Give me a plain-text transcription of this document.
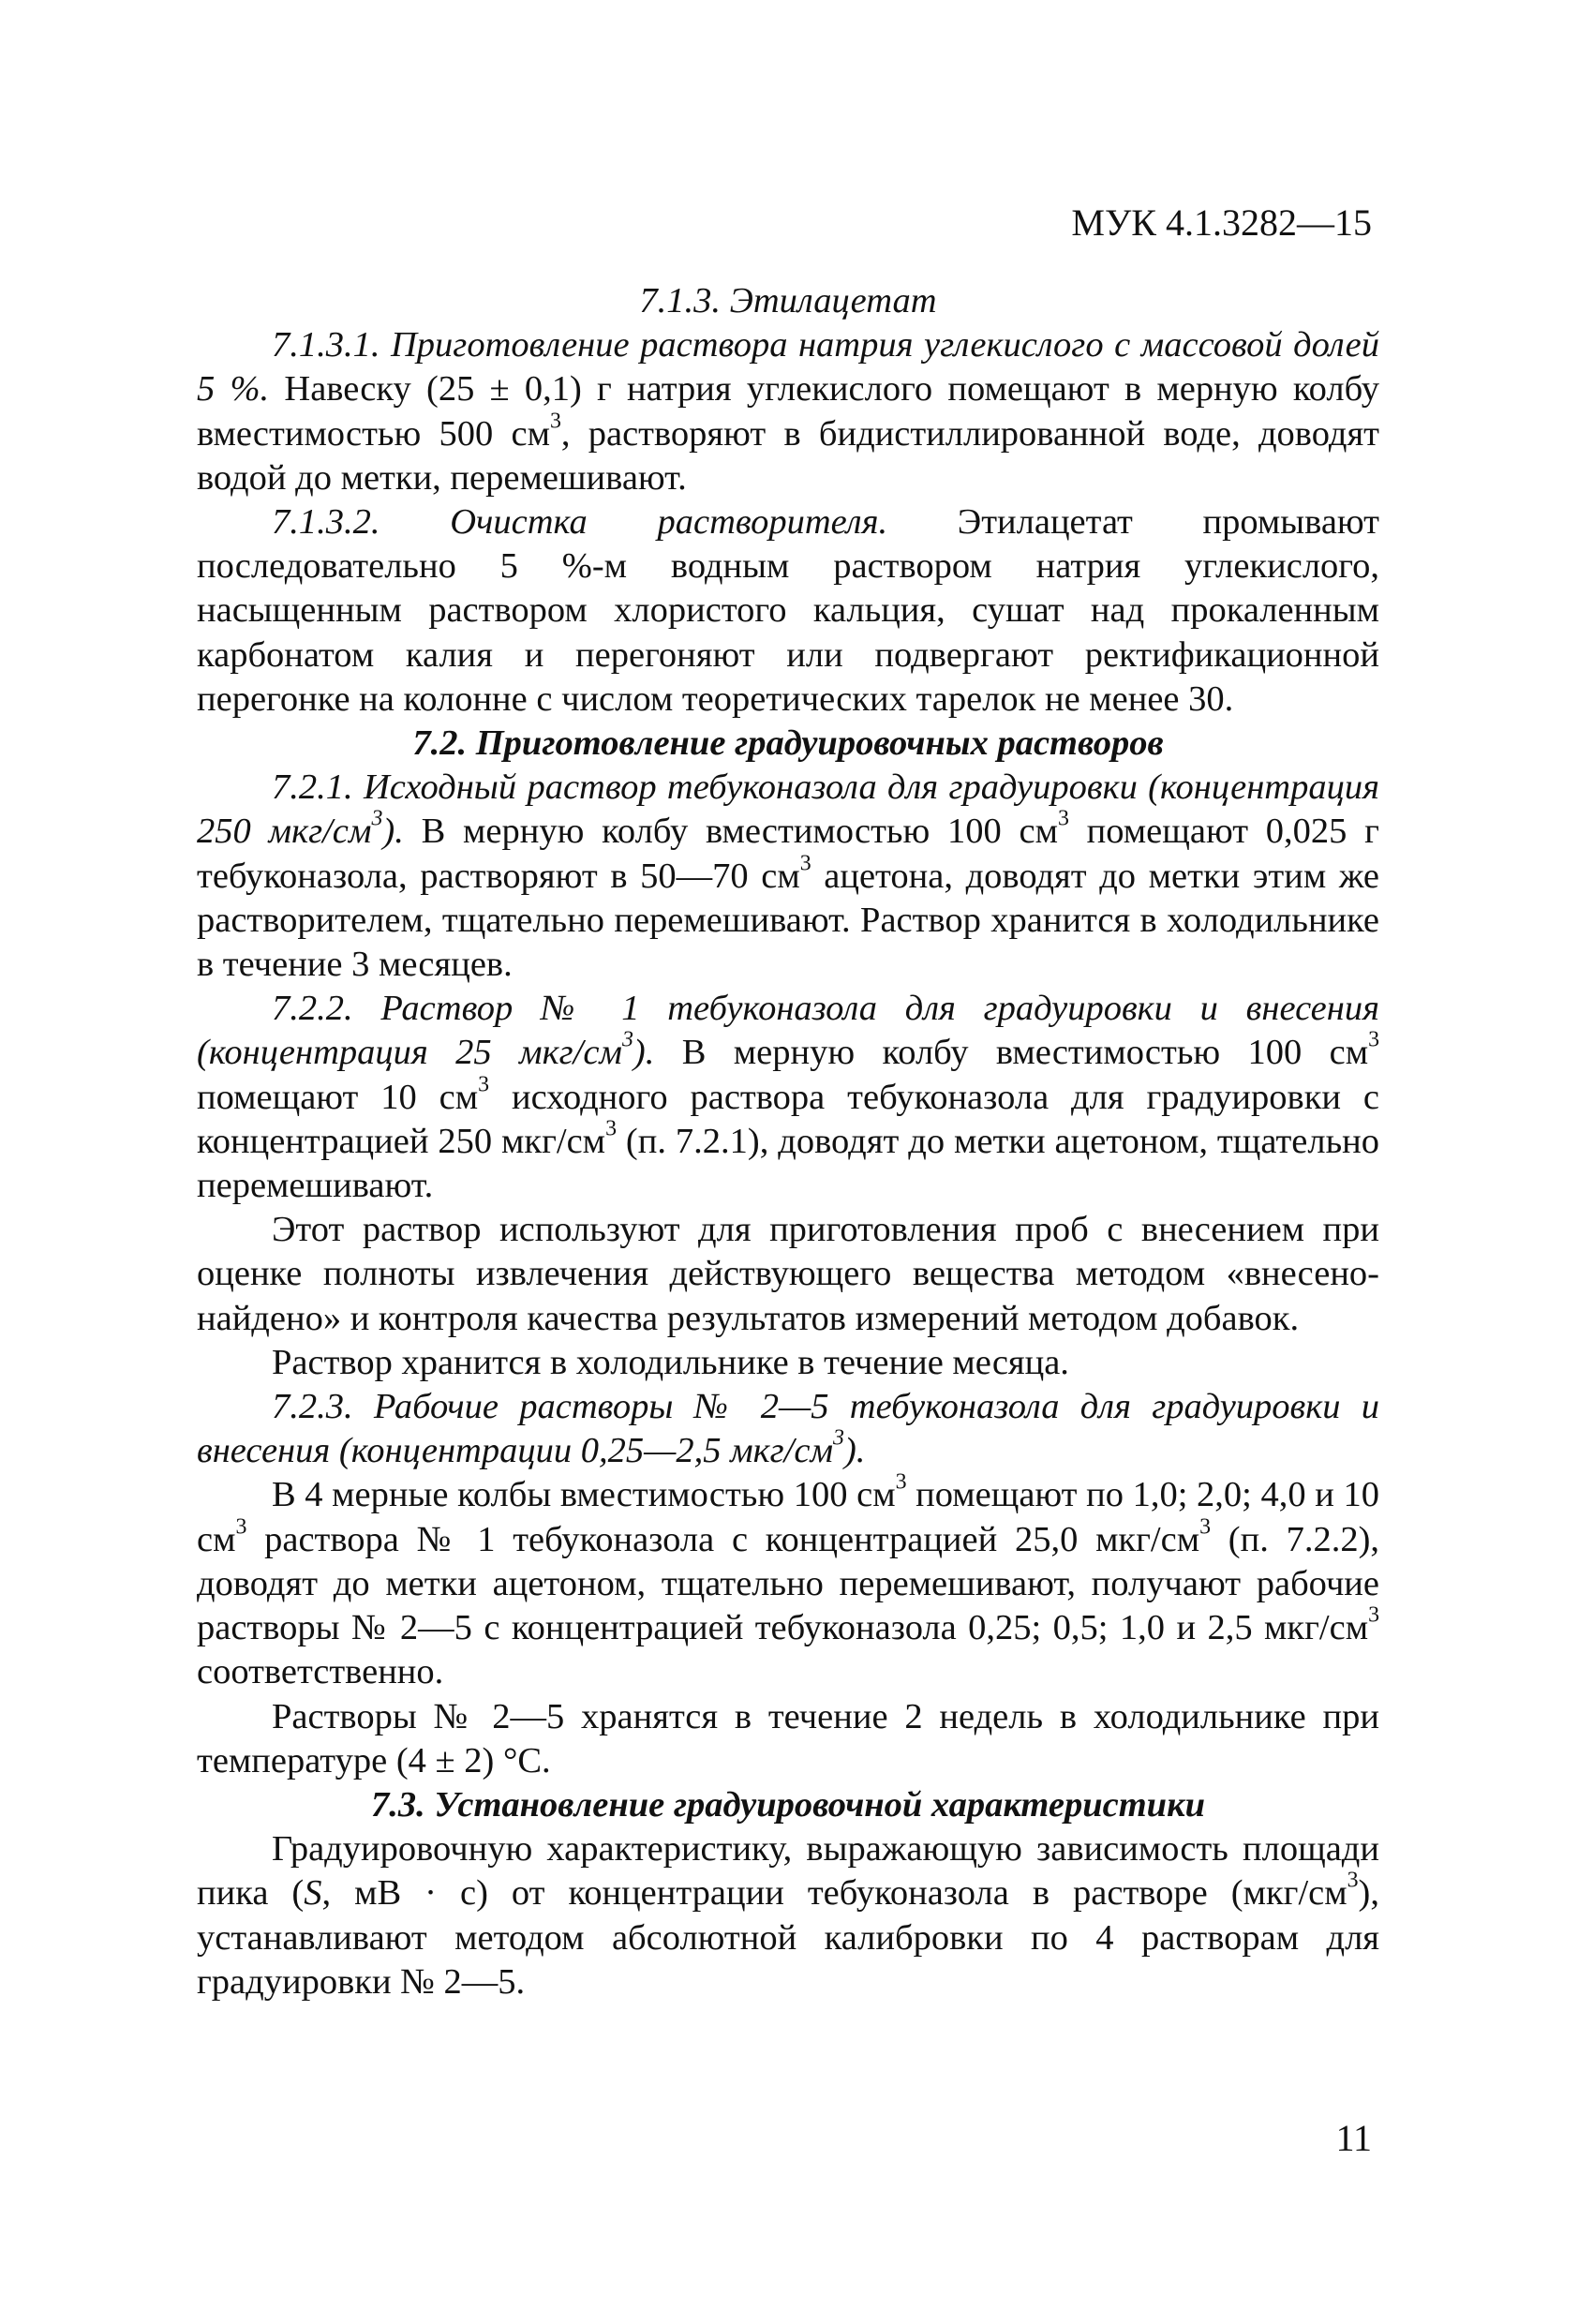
МУК 4.1.3282—15

7.1.3. Этилацетат

7.1.3.1. Приготовление раствора натрия углекислого с массовой долей 5 %. Навеску (25 ± 0,1) г натрия углекислого помещают в мерную колбу вместимостью 500 $см^3$, растворяют в бидистиллированной воде, доводят водой до метки, перемешивают.

7.1.3.2. Очистка растворителя. Этилацетат промывают последовательно 5 %-м водным раствором натрия углекислого, насыщенным раствором хлористого кальция, сушат над прокаленным карбонатом калия и перегоняют или подвергают ректификационной перегонке на колонне с числом теоретических тарелок не менее 30.

7.2. Приготовление градуировочных растворов

7.2.1. Исходный раствор тебуконазола для градуировки (концентрация 250 мкг/$см^3$). В мерную колбу вместимостью 100 $см^3$ помещают 0,025 г тебуконазола, растворяют в 50—70 $см^3$ ацетона, доводят до метки этим же растворителем, тщательно перемешивают. Раствор хранится в холодильнике в течение 3 месяцев.

7.2.2. Раствор № 1 тебуконазола для градуировки и внесения (концентрация 25 мкг/$см^3$). В мерную колбу вместимостью 100 $см^3$ помещают 10 $см^3$ исходного раствора тебуконазола для градуировки с концентрацией 250 мкг/$см^3$ (п. 7.2.1), доводят до метки ацетоном, тщательно перемешивают.

Этот раствор используют для приготовления проб с внесением при оценке полноты извлечения действующего вещества методом «внесено-найдено» и контроля качества результатов измерений методом добавок.

Раствор хранится в холодильнике в течение месяца.

7.2.3. Рабочие растворы № 2—5 тебуконазола для градуировки и внесения (концентрации 0,25—2,5 мкг/$см^3$).

В 4 мерные колбы вместимостью 100 $см^3$ помещают по 1,0; 2,0; 4,0 и 10 $см^3$ раствора № 1 тебуконазола с концентрацией 25,0 мкг/$см^3$ (п. 7.2.2), доводят до метки ацетоном, тщательно перемешивают, получают рабочие растворы № 2—5 с концентрацией тебуконазола 0,25; 0,5; 1,0 и 2,5 мкг/$см^3$ соответственно.

Растворы № 2—5 хранятся в течение 2 недель в холодильнике при температуре (4 ± 2) °С.

7.3. Установление градуировочной характеристики

Градуировочную характеристику, выражающую зависимость площади пика (S, мВ · с) от концентрации тебуконазола в растворе $(мкг/см^3)$, устанавливают методом абсолютной калибровки по 4 растворам для градуировки № 2—5.

11
